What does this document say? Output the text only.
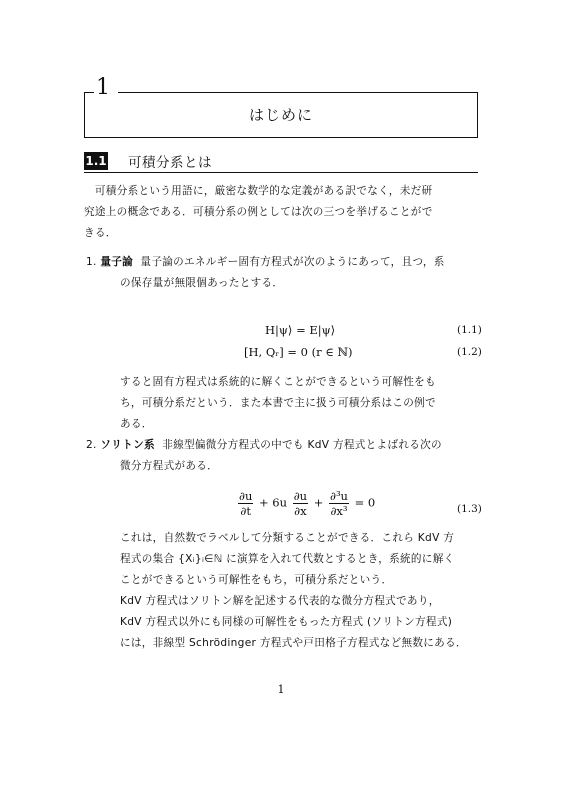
1
はじめに
1.1 可積分系とは
　可積分系という用語に，厳密な数学的な定義がある訳でなく，未だ研
究途上の概念である．可積分系の例としては次の三つを挙げることがで
きる．
1. 量子論 量子論のエネルギー固有方程式が次のようにあって，且つ，系
の保存量が無限個あったとする．
H|ψ⟩ = E|ψ⟩	(1.1)
[H, Qᵣ] = 0 (r ∈ ℕ)	(1.2)
すると固有方程式は系統的に解くことができるという可解性をも
ち，可積分系だという．また本書で主に扱う可積分系はこの例で
ある．
2. ソリトン系 非線型偏微分方程式の中でも KdV 方程式とよばれる次の
微分方程式がある．
$\frac{\partial u}{\partial t} + 6u \frac{\partial u}{\partial x} + \frac{\text{∂³u}}{\text{∂x³}} = 0$	(1.3)
これは，自然数でラベルして分類することができる．これら KdV 方
程式の集合 {Xᵢ}ᵢ∈ℕ に演算を入れて代数とするとき，系統的に解く
ことができるという可解性をもち，可積分系だという．
KdV 方程式はソリトン解を記述する代表的な微分方程式であり，
KdV 方程式以外にも同様の可解性をもった方程式 (ソリトン方程式)
には，非線型 Schrödinger 方程式や戸田格子方程式など無数にある．
1
